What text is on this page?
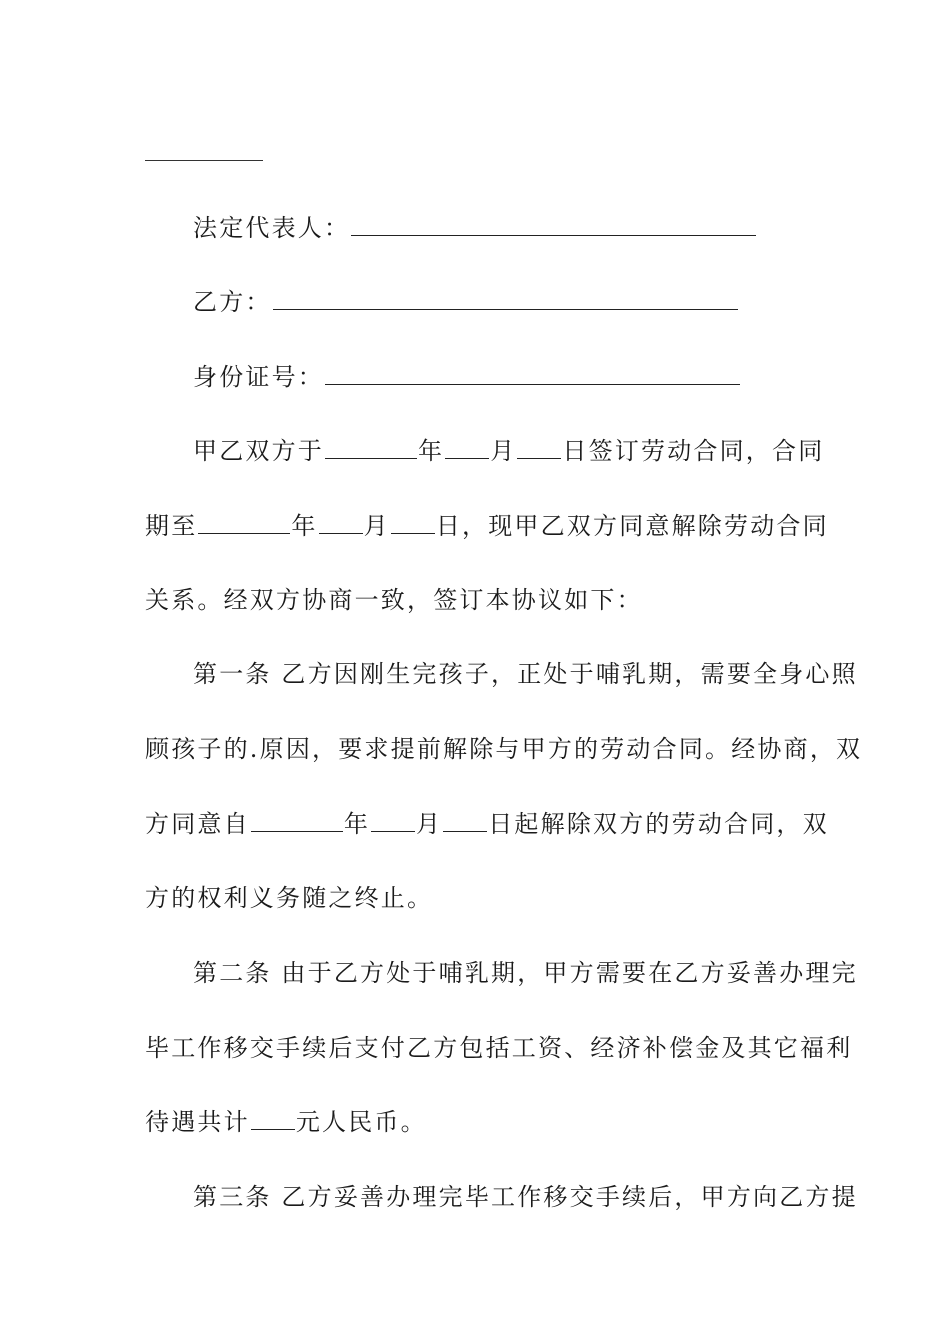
法定代表人：
乙方：
身份证号：
甲乙双方于	年 月 日签订劳动合同，合同
期至	年 月 日，现甲乙双方同意解除劳动合同
关系。经双方协商一致，签订本协议如下：
第一条 乙方因刚生完孩子，正处于哺乳期，需要全身心照
顾孩子的.原因，要求提前解除与甲方的劳动合同。经协商，双
方同意自	年 月 日起解除双方的劳动合同，双
方的权利义务随之终止。
第二条 由于乙方处于哺乳期，甲方需要在乙方妥善办理完
毕工作移交手续后支付乙方包括工资、经济补偿金及其它福利
待遇共计 元人民币。
第三条 乙方妥善办理完毕工作移交手续后，甲方向乙方提
